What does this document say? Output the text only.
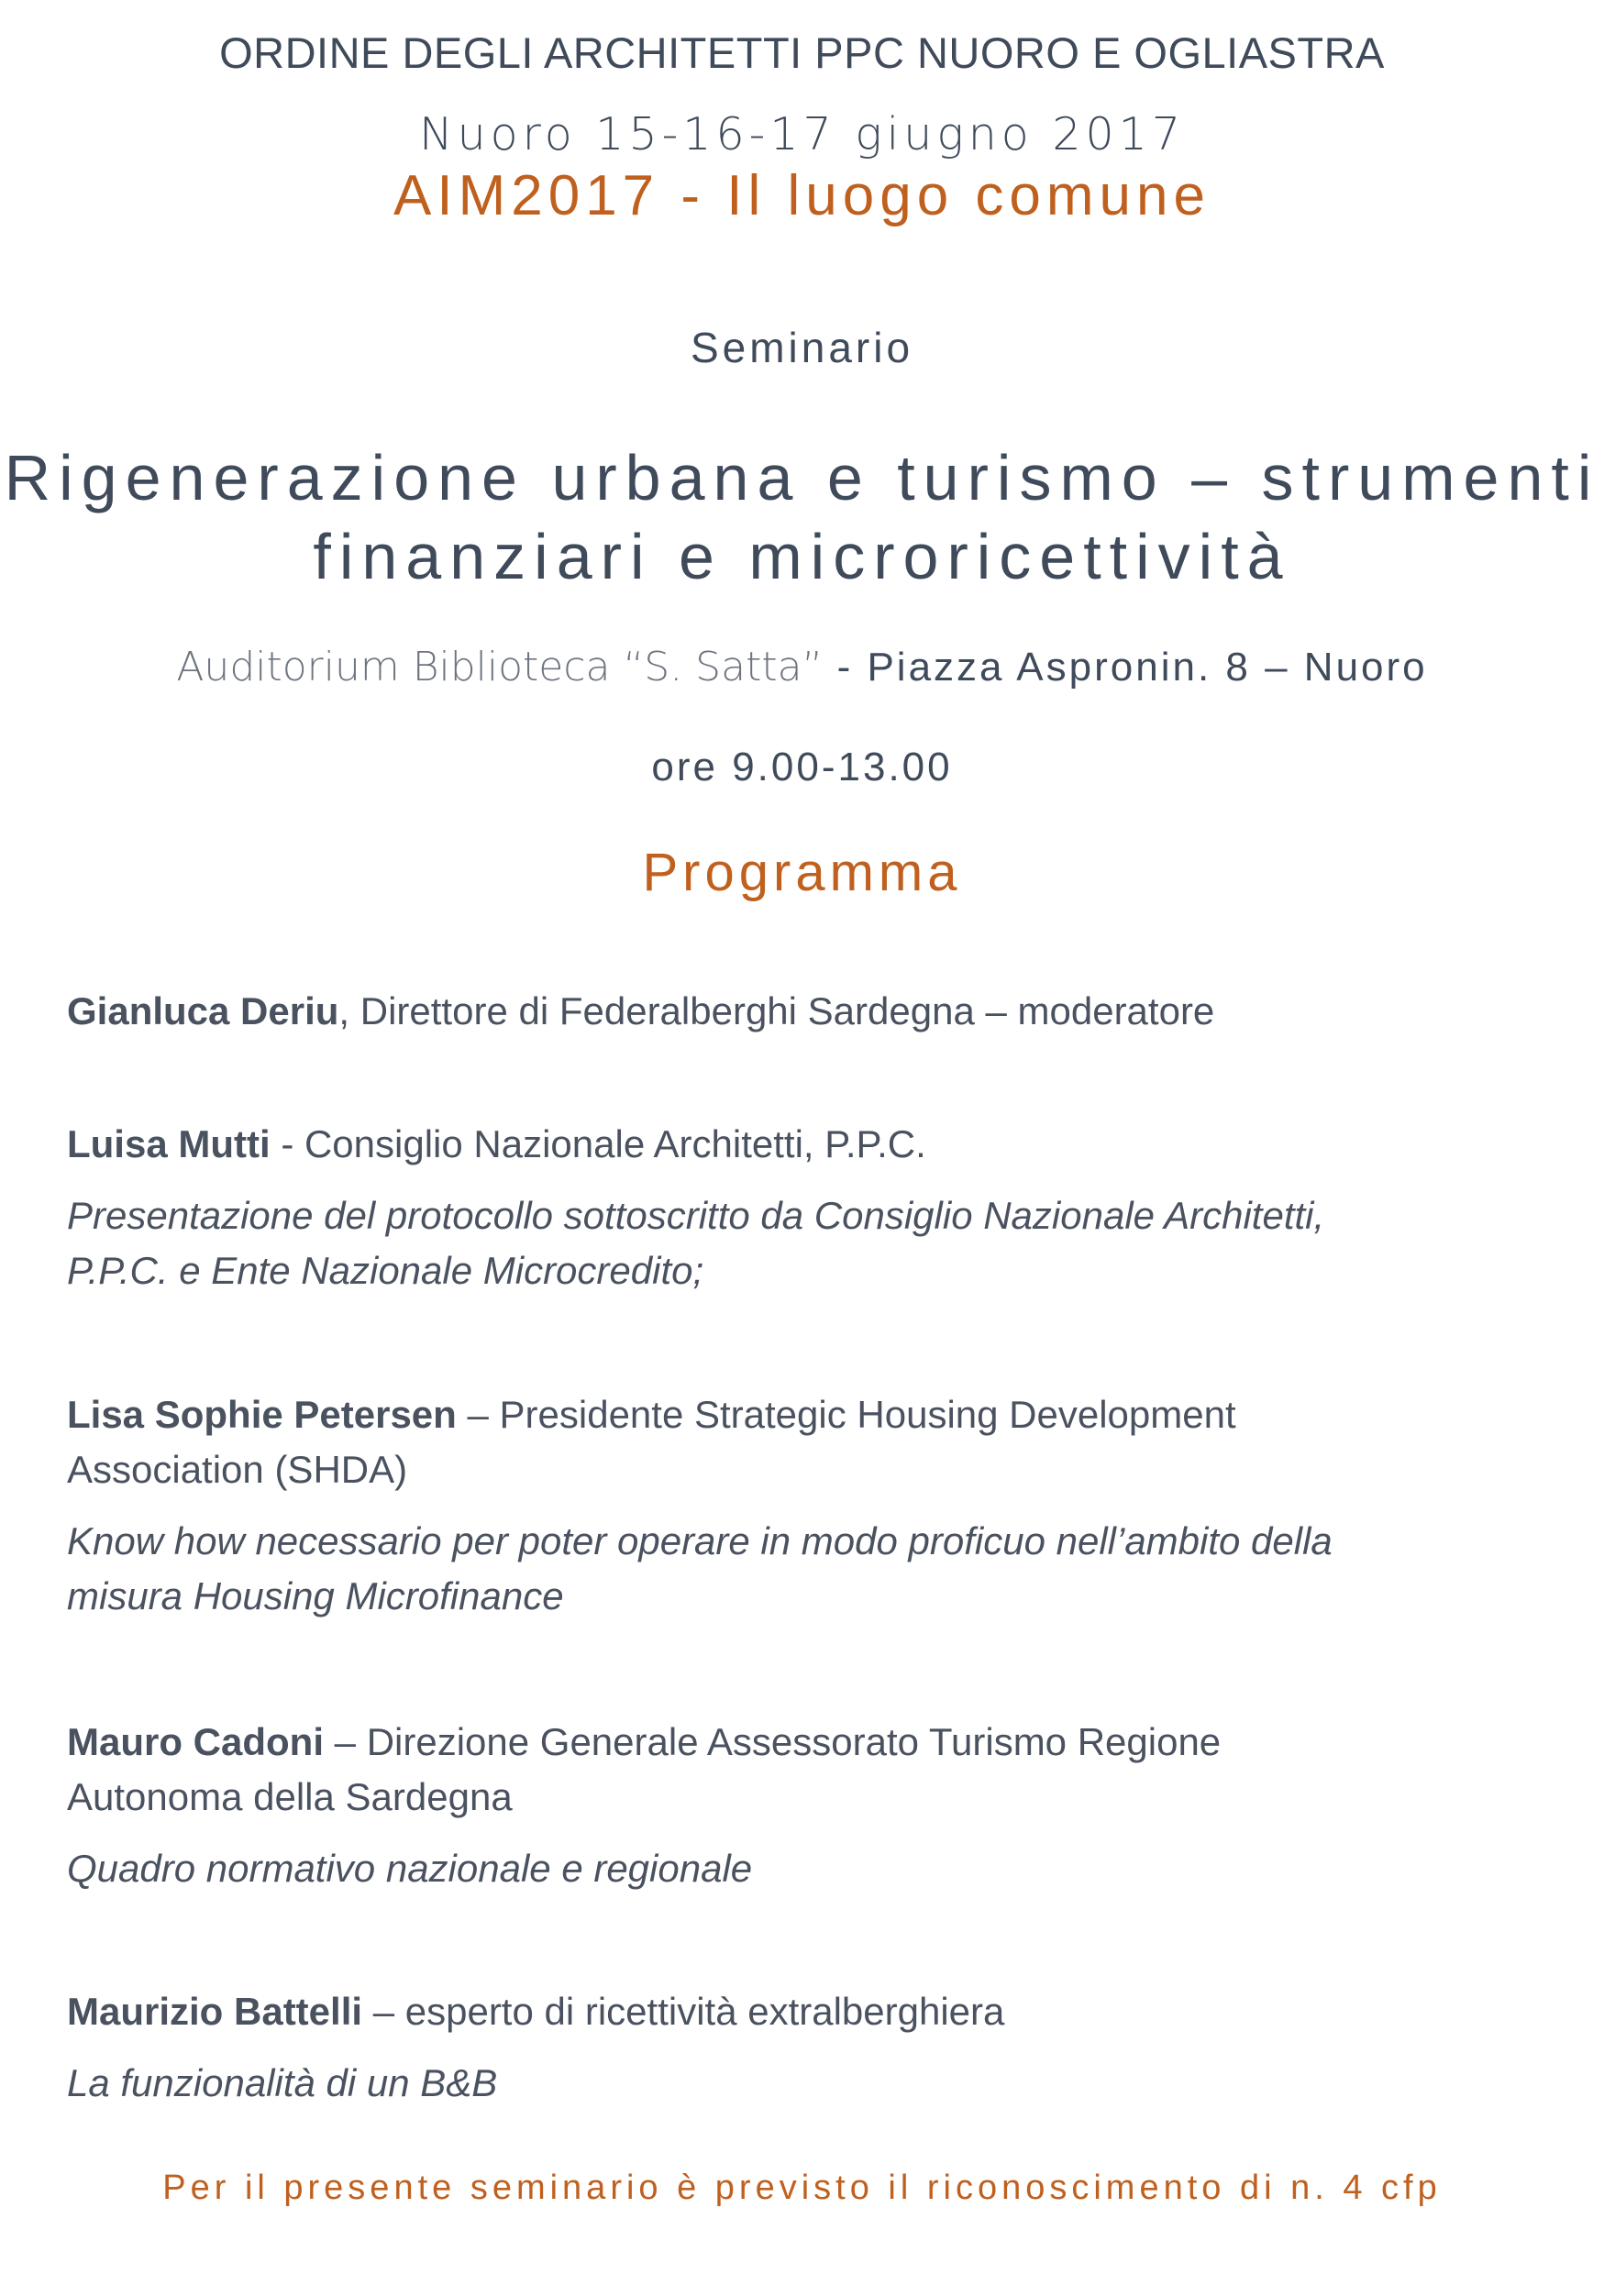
ORDINE DEGLI ARCHITETTI PPC NUORO E OGLIASTRA
Nuoro 15-16-17 giugno 2017
AIM2017 - Il luogo comune
Seminario
Rigenerazione urbana e turismo – strumenti
finanziari e microricettività
Auditorium Biblioteca “S. Satta” - Piazza Aspronin. 8 – Nuoro
ore 9.00-13.00
Programma
Gianluca Deriu, Direttore di Federalberghi Sardegna – moderatore
Luisa Mutti - Consiglio Nazionale Architetti, P.P.C.
Presentazione del protocollo sottoscritto da Consiglio Nazionale Architetti,
P.P.C. e Ente Nazionale Microcredito;
Lisa Sophie Petersen – Presidente Strategic Housing Development
Association (SHDA)
Know how necessario per poter operare in modo proficuo nell’ambito della
misura Housing Microfinance
Mauro Cadoni – Direzione Generale Assessorato Turismo Regione
Autonoma della Sardegna
Quadro normativo nazionale e regionale
Maurizio Battelli – esperto di ricettività extralberghiera
La funzionalità di un B&B
Per il presente seminario è previsto il riconoscimento di n. 4 cfp
